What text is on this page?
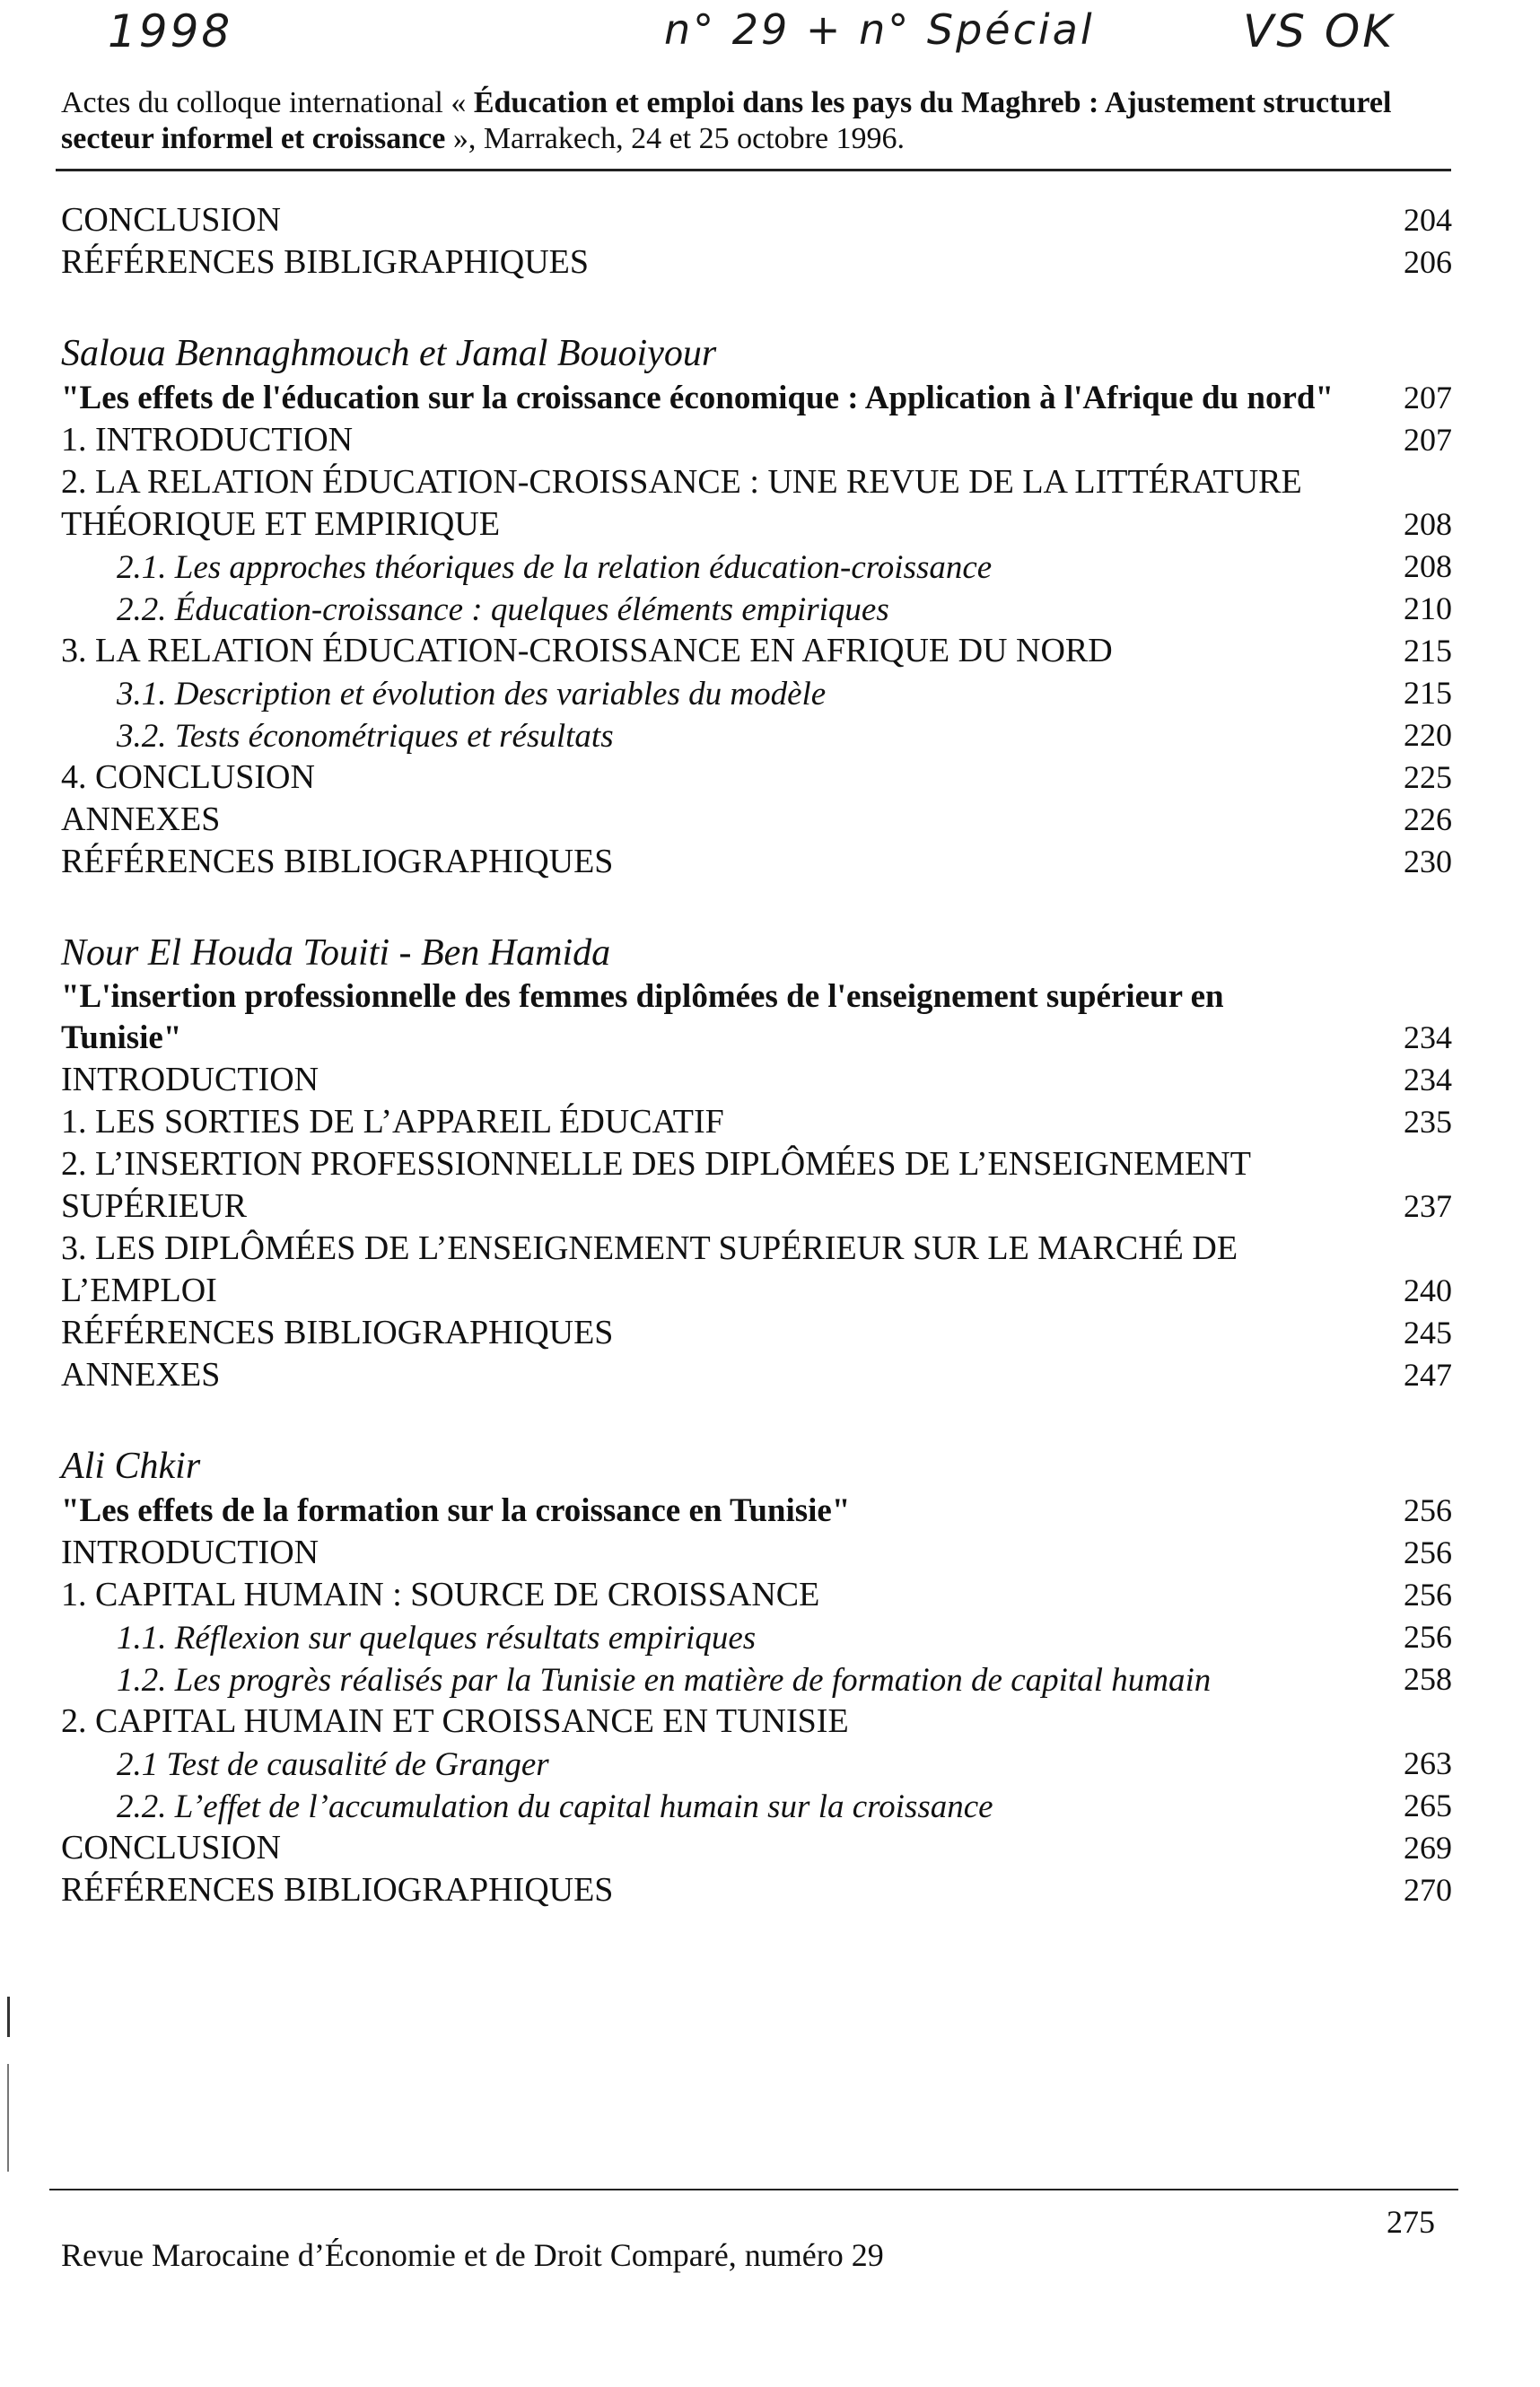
1998	n° 29 + n° Spécial	VS OK
Actes du colloque international « Éducation et emploi dans les pays du Maghreb : Ajustement structurel secteur informel et croissance », Marrakech, 24 et 25 octobre 1996.
CONCLUSION	204
RÉFÉRENCES BIBLIGRAPHIQUES	206
Saloua Bennaghmouch et Jamal Bouoiyour
"Les effets de l'éducation sur la croissance économique : Application à l'Afrique du nord"	207
1. INTRODUCTION	207
2. LA RELATION ÉDUCATION-CROISSANCE : UNE REVUE DE LA LITTÉRATURE THÉORIQUE ET EMPIRIQUE	208
2.1. Les approches théoriques de la relation éducation-croissance	208
2.2. Éducation-croissance : quelques éléments empiriques	210
3. LA RELATION ÉDUCATION-CROISSANCE EN AFRIQUE DU NORD	215
3.1. Description et évolution des variables du modèle	215
3.2. Tests économétriques et résultats	220
4. CONCLUSION	225
ANNEXES	226
RÉFÉRENCES BIBLIOGRAPHIQUES	230
Nour El Houda Touiti - Ben Hamida
"L'insertion professionnelle des femmes diplômées de l'enseignement supérieur en Tunisie"	234
INTRODUCTION	234
1. LES SORTIES DE L’APPAREIL ÉDUCATIF	235
2. L’INSERTION PROFESSIONNELLE DES DIPLÔMÉES DE L’ENSEIGNEMENT SUPÉRIEUR	237
3. LES DIPLÔMÉES DE L’ENSEIGNEMENT SUPÉRIEUR SUR LE MARCHÉ DE L’EMPLOI	240
RÉFÉRENCES BIBLIOGRAPHIQUES	245
ANNEXES	247
Ali Chkir
"Les effets de la formation sur la croissance en Tunisie"	256
INTRODUCTION	256
1. CAPITAL HUMAIN : SOURCE DE CROISSANCE	256
1.1. Réflexion sur quelques résultats empiriques	256
1.2. Les progrès réalisés par la Tunisie en matière de formation de capital humain	258
2. CAPITAL HUMAIN ET CROISSANCE EN TUNISIE
2.1 Test de causalité de Granger	263
2.2. L’effet de l’accumulation du capital humain sur la croissance	265
CONCLUSION	269
RÉFÉRENCES BIBLIOGRAPHIQUES	270
275
Revue Marocaine d’Économie et de Droit Comparé, numéro 29
